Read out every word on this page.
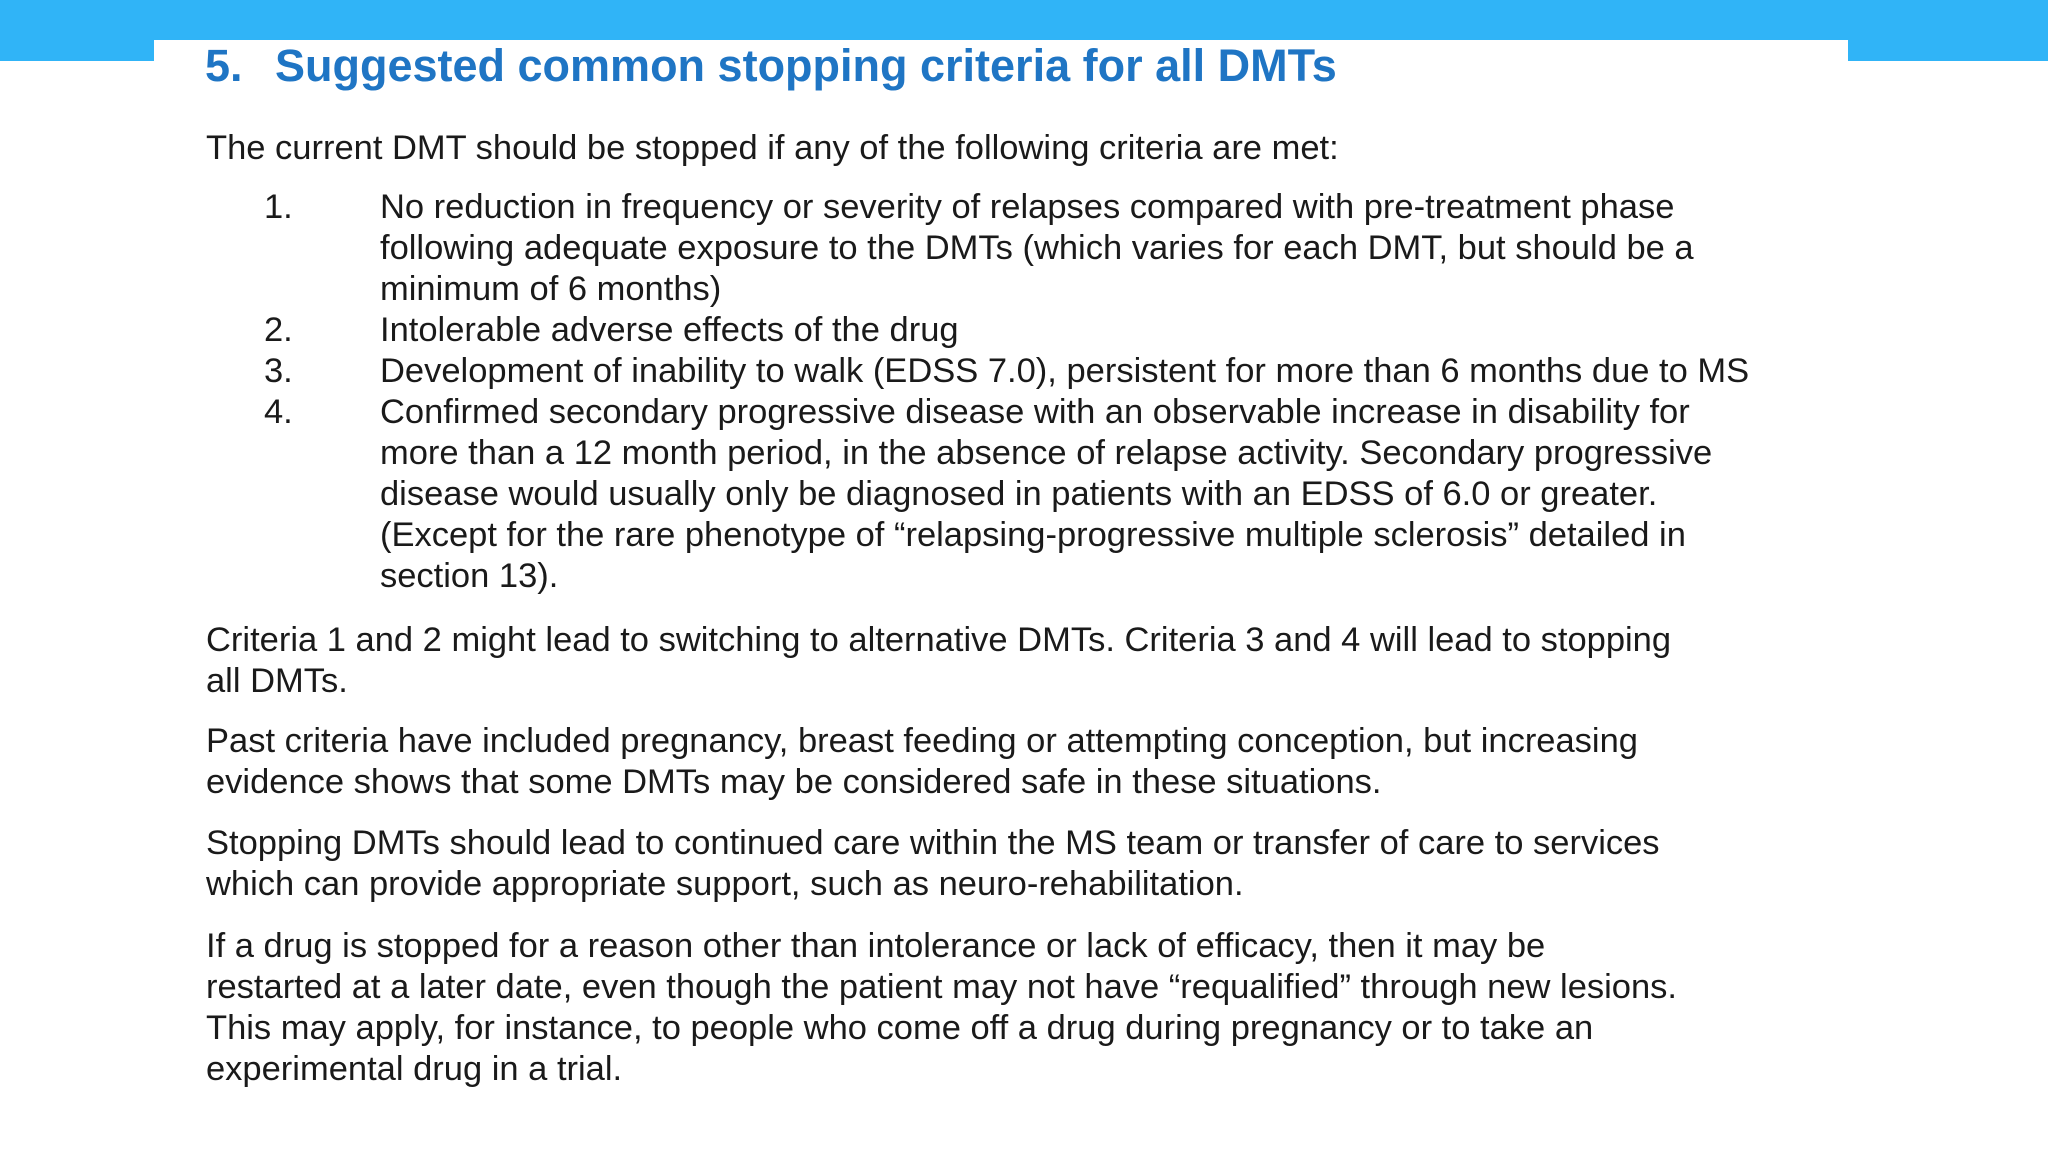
5. Suggested common stopping criteria for all DMTs

The current DMT should be stopped if any of the following criteria are met:

1.	No reduction in frequency or severity of relapses compared with pre-treatment phase
following adequate exposure to the DMTs (which varies for each DMT, but should be a
minimum of 6 months)
2.	Intolerable adverse effects of the drug
3.	Development of inability to walk (EDSS 7.0), persistent for more than 6 months due to MS
4.	Confirmed secondary progressive disease with an observable increase in disability for
more than a 12 month period, in the absence of relapse activity. Secondary progressive
disease would usually only be diagnosed in patients with an EDSS of 6.0 or greater.
(Except for the rare phenotype of “relapsing-progressive multiple sclerosis” detailed in
section 13).
Criteria 1 and 2 might lead to switching to alternative DMTs. Criteria 3 and 4 will lead to stopping
all DMTs.
Past criteria have included pregnancy, breast feeding or attempting conception, but increasing
evidence shows that some DMTs may be considered safe in these situations.
Stopping DMTs should lead to continued care within the MS team or transfer of care to services
which can provide appropriate support, such as neuro-rehabilitation.
If a drug is stopped for a reason other than intolerance or lack of efficacy, then it may be
restarted at a later date, even though the patient may not have “requalified” through new lesions.
This may apply, for instance, to people who come off a drug during pregnancy or to take an
experimental drug in a trial.
